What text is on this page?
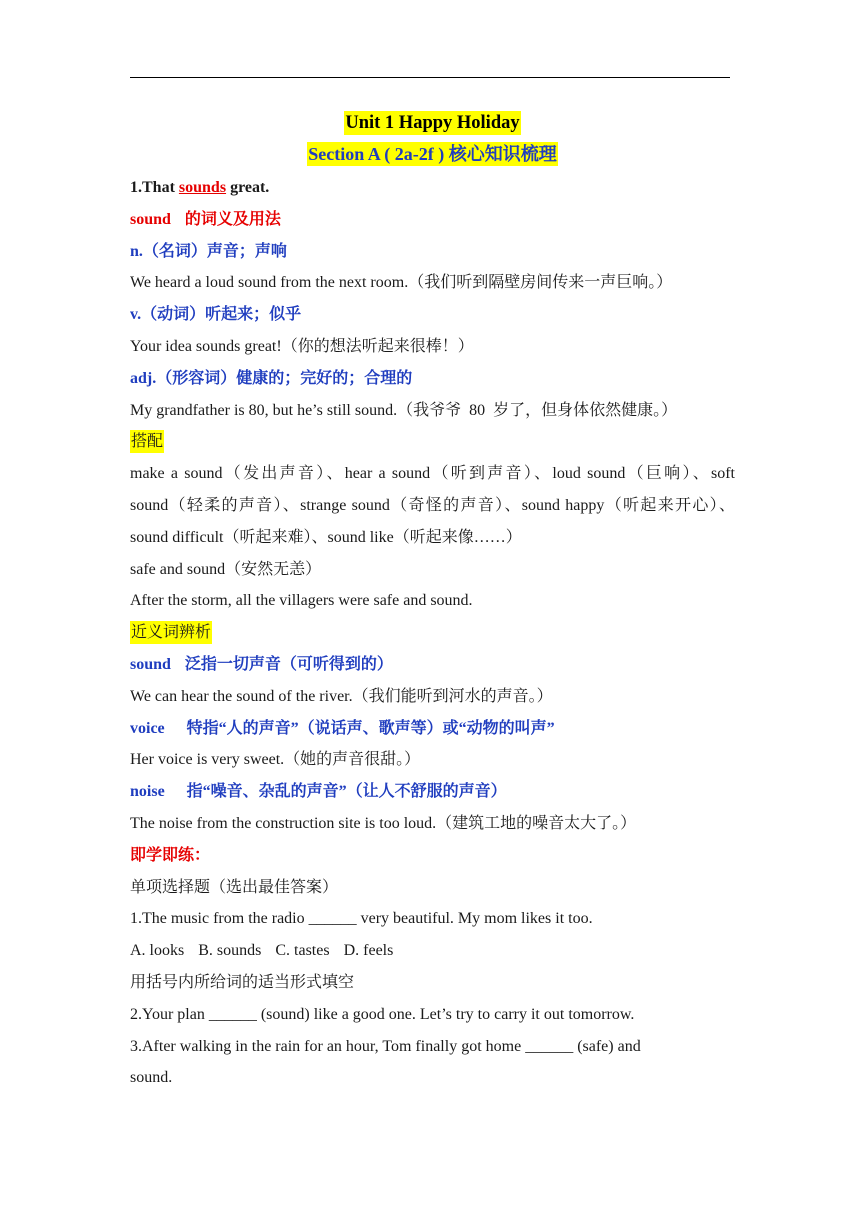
Unit 1 Happy Holiday
Section A ( 2a-2f ) 核心知识梳理
1.That sounds great.
sound 的词义及用法
n.（名词）声音；声响
We heard a loud sound from the next room.（我们听到隔壁房间传来一声巨响。）
v.（动词）听起来；似乎
Your idea sounds great!（你的想法听起来很棒！）
adj.（形容词）健康的；完好的；合理的
My grandfather is 80, but he’s still sound.（我爷爷  80  岁了，但身体依然健康。）
搭配
make a sound（发出声音）、hear a sound（听到声音）、loud sound（巨响）、soft
sound（轻柔的声音）、strange sound（奇怪的声音）、sound happy（听起来开心）、
sound difficult（听起来难）、sound like（听起来像……）
safe and sound（安然无恙）
After the storm, all the villagers were safe and sound.
近义词辨析
sound 泛指一切声音（可听得到的）
We can hear the sound of the river.（我们能听到河水的声音。）
voice 特指“人的声音”（说话声、歌声等）或“动物的叫声”
Her voice is very sweet.（她的声音很甜。）
noise 指“噪音、杂乱的声音”（让人不舒服的声音）
The noise from the construction site is too loud.（建筑工地的噪音太大了。）
即学即练：
单项选择题（选出最佳答案）
1.The music from the radio ______ very beautiful. My mom likes it too.
A. looks B. sounds C. tastes D. feels
用括号内所给词的适当形式填空
2.Your plan ______ (sound) like a good one. Let’s try to carry it out tomorrow.
3.After walking in the rain for an hour, Tom finally got home ______ (safe) and
sound.
